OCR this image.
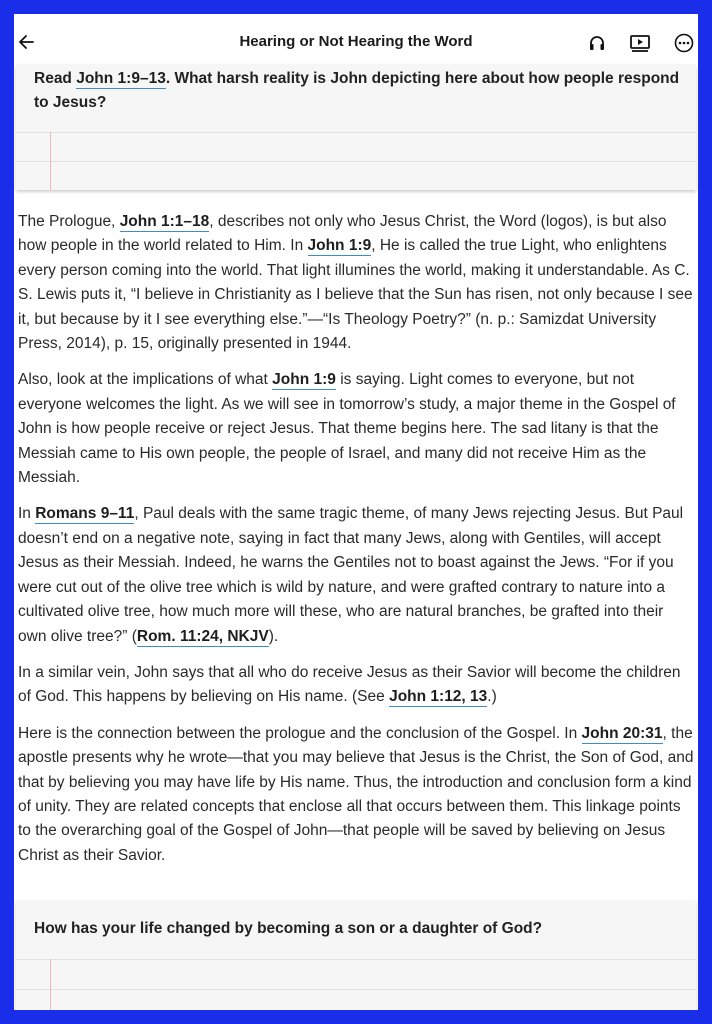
Hearing or Not Hearing the Word
Read John 1:9–13. What harsh reality is John depicting here about how people respond to Jesus?

The Prologue, John 1:1–18, describes not only who Jesus Christ, the Word (logos), is but also how people in the world related to Him. In John 1:9, He is called the true Light, who enlightens every person coming into the world. That light illumines the world, making it understandable. As C. S. Lewis puts it, “I believe in Christianity as I believe that the Sun has risen, not only because I see it, but because by it I see everything else.”—“Is Theology Poetry?” (n. p.: Samizdat University Press, 2014), p. 15, originally presented in 1944.

Also, look at the implications of what John 1:9 is saying. Light comes to everyone, but not everyone welcomes the light. As we will see in tomorrow’s study, a major theme in the Gospel of John is how people receive or reject Jesus. That theme begins here. The sad litany is that the Messiah came to His own people, the people of Israel, and many did not receive Him as the Messiah.

In Romans 9–11, Paul deals with the same tragic theme, of many Jews rejecting Jesus. But Paul doesn’t end on a negative note, saying in fact that many Jews, along with Gentiles, will accept Jesus as their Messiah. Indeed, he warns the Gentiles not to boast against the Jews. “For if you were cut out of the olive tree which is wild by nature, and were grafted contrary to nature into a cultivated olive tree, how much more will these, who are natural branches, be grafted into their own olive tree?” (Rom. 11:24, NKJV).

In a similar vein, John says that all who do receive Jesus as their Savior will become the children of God. This happens by believing on His name. (See John 1:12, 13.)

Here is the connection between the prologue and the conclusion of the Gospel. In John 20:31, the apostle presents why he wrote—that you may believe that Jesus is the Christ, the Son of God, and that by believing you may have life by His name. Thus, the introduction and conclusion form a kind of unity. They are related concepts that enclose all that occurs between them. This linkage points to the overarching goal of the Gospel of John—that people will be saved by believing on Jesus Christ as their Savior.

How has your life changed by becoming a son or a daughter of God?
